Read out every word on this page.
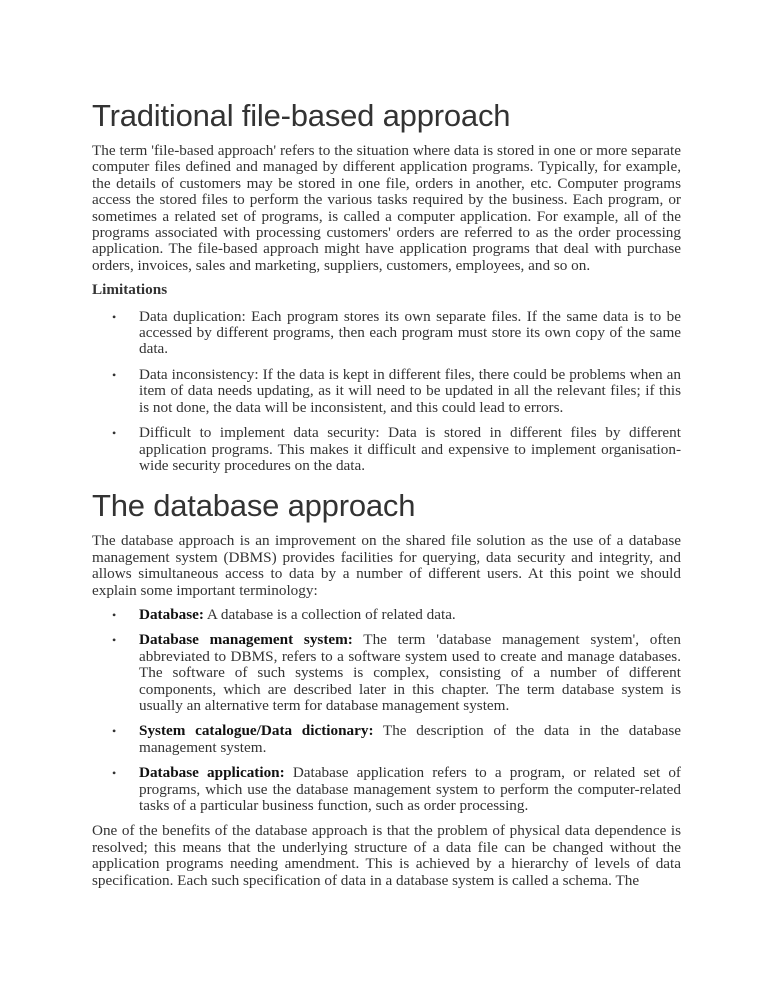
Traditional file-based approach

The term 'file-based approach' refers to the situation where data is stored in one or more separate computer files defined and managed by different application programs. Typically, for example, the details of customers may be stored in one file, orders in another, etc. Computer programs access the stored files to perform the various tasks required by the business. Each program, or sometimes a related set of programs, is called a computer application. For example, all of the programs associated with processing customers' orders are referred to as the order processing application. The file-based approach might have application programs that deal with purchase orders, invoices, sales and marketing, suppliers, customers, employees, and so on.

Limitations
• Data duplication: Each program stores its own separate files. If the same data is to be accessed by different programs, then each program must store its own copy of the same data.
• Data inconsistency: If the data is kept in different files, there could be problems when an item of data needs updating, as it will need to be updated in all the relevant files; if this is not done, the data will be inconsistent, and this could lead to errors.
• Difficult to implement data security: Data is stored in different files by different application programs. This makes it difficult and expensive to implement organisation-wide security procedures on the data.
The database approach

The database approach is an improvement on the shared file solution as the use of a database management system (DBMS) provides facilities for querying, data security and integrity, and allows simultaneous access to data by a number of different users. At this point we should explain some important terminology:

• Database: A database is a collection of related data.
• Database management system: The term 'database management system', often abbreviated to DBMS, refers to a software system used to create and manage databases. The software of such systems is complex, consisting of a number of different components, which are described later in this chapter. The term database system is usually an alternative term for database management system.
• System catalogue/Data dictionary: The description of the data in the database management system.
• Database application: Database application refers to a program, or related set of programs, which use the database management system to perform the computer-related tasks of a particular business function, such as order processing.

One of the benefits of the database approach is that the problem of physical data dependence is resolved; this means that the underlying structure of a data file can be changed without the application programs needing amendment. This is achieved by a hierarchy of levels of data specification. Each such specification of data in a database system is called a schema. The
